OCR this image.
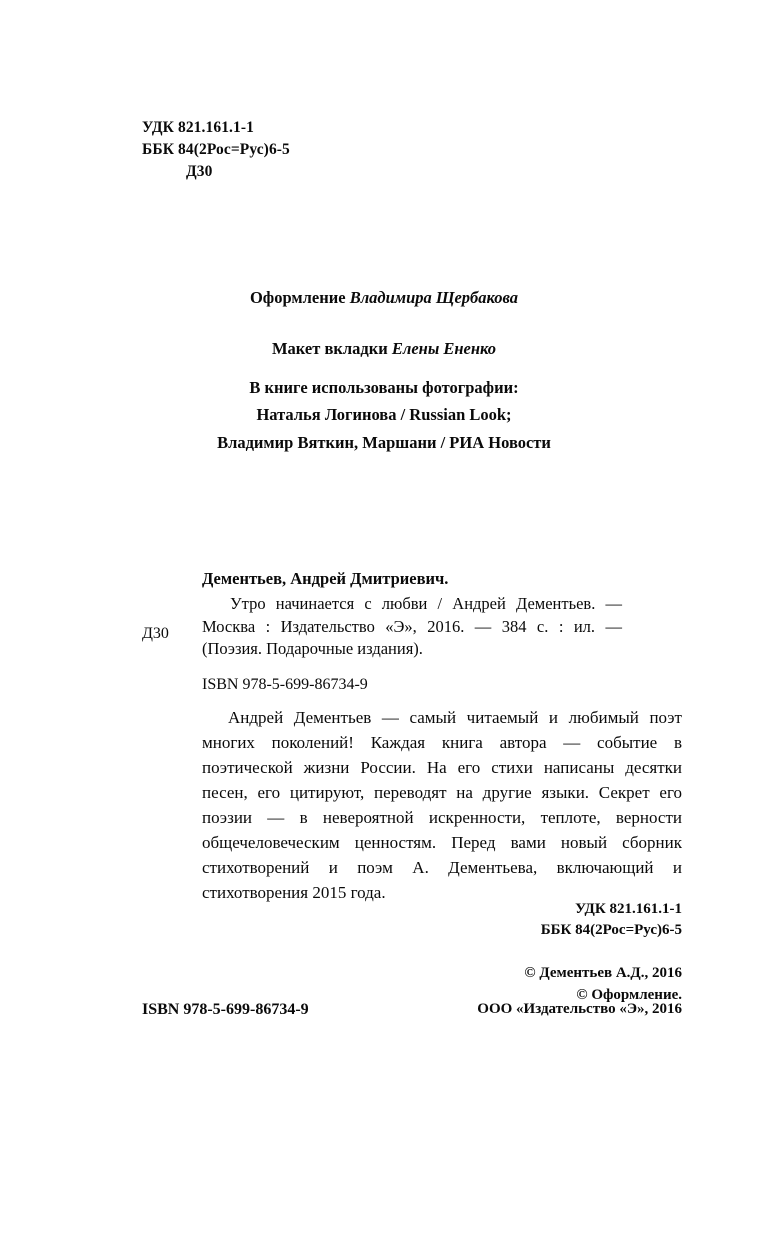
УДК 821.161.1-1
ББК 84(2Рос=Рус)6-5
Д30
Оформление Владимира Щербакова
Макет вкладки Елены Ененко
В книге использованы фотографии:
Наталья Логинова / Russian Look;
Владимир Вяткин, Маршани / РИА Новости
Дементьев, Андрей Дмитриевич.
Д30
Утро начинается с любви / Андрей Дементьев. — Москва : Издательство «Э», 2016. — 384 с. : ил. — (Поэзия. Подарочные издания).
ISBN 978-5-699-86734-9
Андрей Дементьев — самый читаемый и любимый поэт многих поколений! Каждая книга автора — событие в поэтической жизни России. На его стихи написаны десятки песен, его цитируют, переводят на другие языки. Секрет его поэзии — в невероятной искренности, теплоте, верности общечеловеческим ценностям. Перед вами новый сборник стихотворений и поэм А. Дементьева, включающий и стихотворения 2015 года.
УДК 821.161.1-1
ББК 84(2Рос=Рус)6-5
© Дементьев А.Д., 2016
© Оформление.
ISBN 978-5-699-86734-9	ООО «Издательство «Э», 2016
